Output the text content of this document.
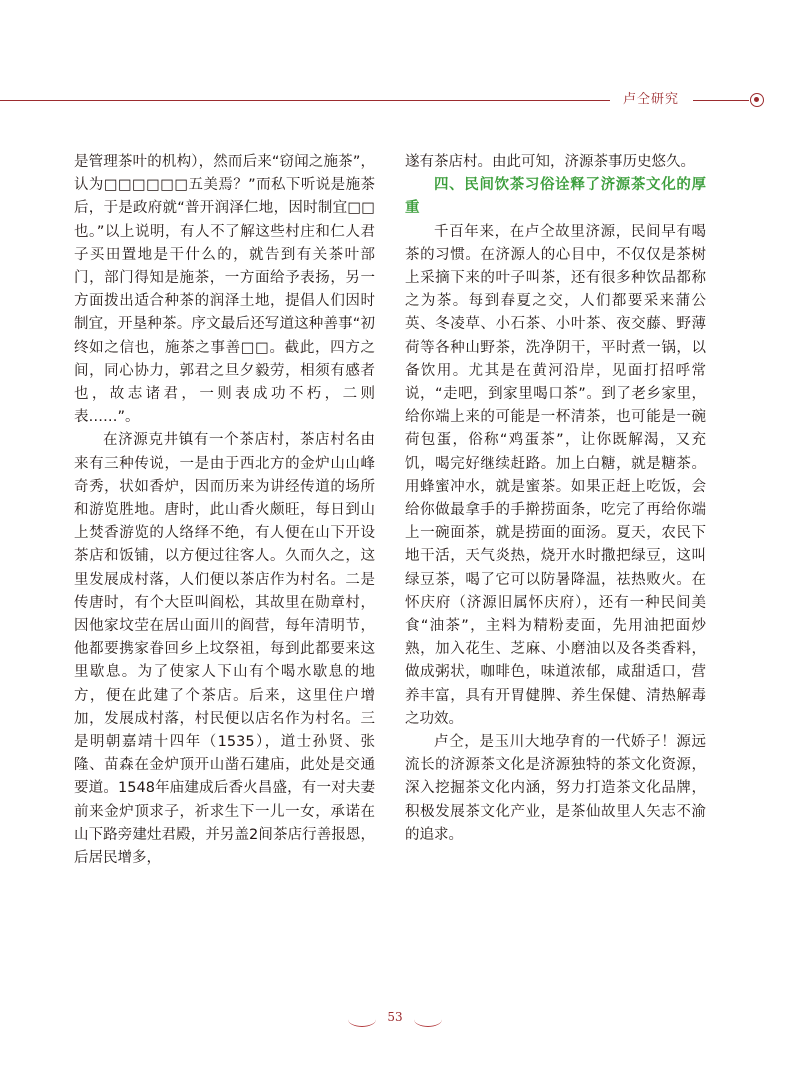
卢仝研究

是管理茶叶的机构），然而后来“窃闻之施茶”，认为□□□□□□五美焉？”而私下听说是施茶后，于是政府就“普开润泽仁地，因时制宜□□也。”以上说明，有人不了解这些村庄和仁人君子买田置地是干什么的，就告到有关茶叶部门，部门得知是施茶，一方面给予表扬，另一方面拨出适合种茶的润泽土地，提倡人们因时制宜，开垦种茶。序文最后还写道这种善事“初终如之信也，施茶之事善□□。截此，四方之间，同心协力，郭君之旦夕毅劳，相须有感者也，故志诸君，一则表成功不朽，二则表……”。

在济源克井镇有一个茶店村，茶店村名由来有三种传说，一是由于西北方的金炉山山峰奇秀，状如香炉，因而历来为讲经传道的场所和游览胜地。唐时，此山香火颇旺，每日到山上焚香游览的人络绎不绝，有人便在山下开设茶店和饭铺，以方便过往客人。久而久之，这里发展成村落，人们便以茶店作为村名。二是传唐时，有个大臣叫阎松，其故里在勋章村，因他家坟茔在居山面川的阎营，每年清明节，他都要携家眷回乡上坟祭祖，每到此都要来这里歇息。为了使家人下山有个喝水歇息的地方，便在此建了个茶店。后来，这里住户增加，发展成村落，村民便以店名作为村名。三是明朝嘉靖十四年（1535），道士孙贤、张隆、苗森在金炉顶开山凿石建庙，此处是交通要道。1548年庙建成后香火昌盛，有一对夫妻前来金炉顶求子，祈求生下一儿一女，承诺在山下路旁建灶君殿，并另盖2间茶店行善报恩，后居民增多，

遂有茶店村。由此可知，济源茶事历史悠久。

四、民间饮茶习俗诠释了济源茶文化的厚重

千百年来，在卢仝故里济源，民间早有喝茶的习惯。在济源人的心目中，不仅仅是茶树上采摘下来的叶子叫茶，还有很多种饮品都称之为茶。每到春夏之交，人们都要采来蒲公英、冬凌草、小石茶、小叶茶、夜交藤、野薄荷等各种山野茶，洗净阴干，平时煮一锅，以备饮用。尤其是在黄河沿岸，见面打招呼常说，“走吧，到家里喝口茶”。到了老乡家里，给你端上来的可能是一杯清茶，也可能是一碗荷包蛋，俗称“鸡蛋茶”，让你既解渴，又充饥，喝完好继续赶路。加上白糖，就是糖茶。用蜂蜜冲水，就是蜜茶。如果正赶上吃饭，会给你做最拿手的手擀捞面条，吃完了再给你端上一碗面茶，就是捞面的面汤。夏天，农民下地干活，天气炎热，烧开水时撒把绿豆，这叫绿豆茶，喝了它可以防暑降温，祛热败火。在怀庆府（济源旧属怀庆府），还有一种民间美食“油茶”，主料为精粉麦面，先用油把面炒熟，加入花生、芝麻、小磨油以及各类香料，做成粥状，咖啡色，味道浓郁，咸甜适口，营养丰富，具有开胃健脾、养生保健、清热解毒之功效。

卢仝，是玉川大地孕育的一代娇子！源远流长的济源茶文化是济源独特的茶文化资源，深入挖掘茶文化内涵，努力打造茶文化品牌，积极发展茶文化产业，是茶仙故里人矢志不渝的追求。

53
